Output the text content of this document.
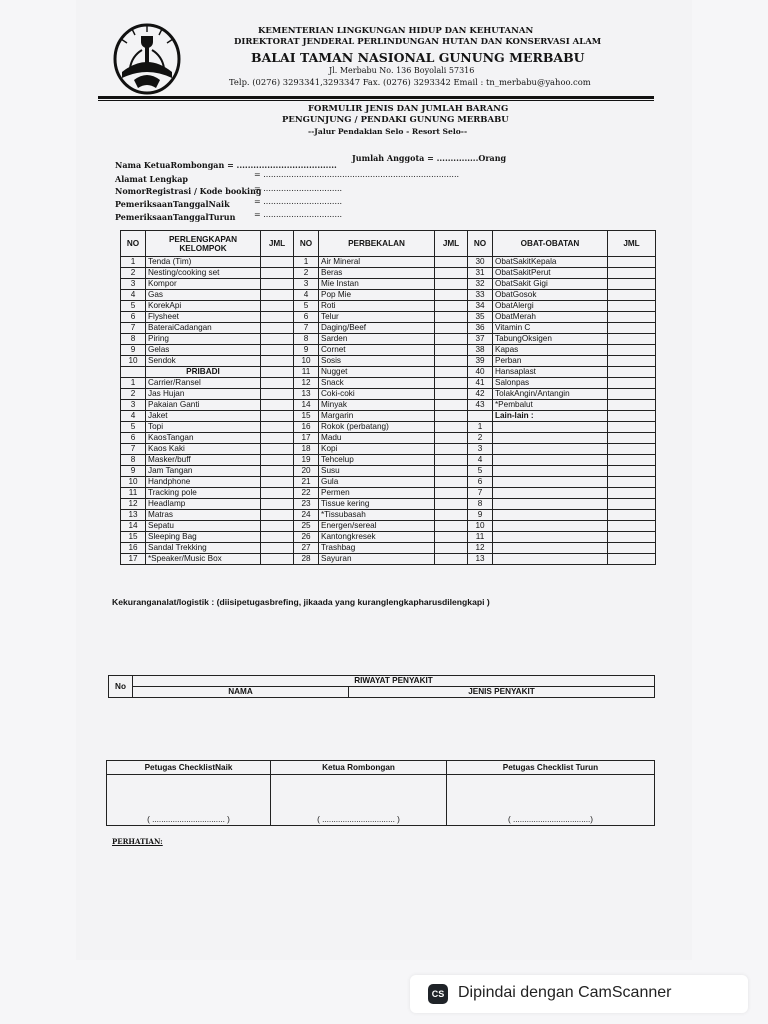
KEMENTERIAN LINGKUNGAN HIDUP DAN KEHUTANAN
DIREKTORAT JENDERAL PERLINDUNGAN HUTAN DAN KONSERVASI ALAM
BALAI TAMAN NASIONAL GUNUNG MERBABU
Jl. Merbabu No. 136 Boyolali 57316
Telp. (0276) 3293341,3293347 Fax. (0276) 3293342 Email : tn_merbabu@yahoo.com
FORMULIR JENIS DAN JUMLAH BARANG
PENGUNJUNG / PENDAKI GUNUNG MERBABU
--Jalur Pendakian Selo - Resort Selo--
Nama KetuaRombongan = ....................................
Jumlah Anggota = ...............Orang
Alamat Lengkap	= .............................................................................
NomorRegistrasi / Kode booking
= ...............................
PemeriksaanTanggalNaik	= ...............................
PemeriksaanTanggalTurun = ...............................
NO	PERLENGKAPAN KELOMPOK	JML	NO	PERBEKALAN	JML	NO	OBAT-OBATAN	JML
1	Tenda (Tim)		1	Air Mineral		30	ObatSakitKepala	
2	Nesting/cooking set		2	Beras		31	ObatSakitPerut	
3	Kompor		3	Mie Instan		32	ObatSakit Gigi	
4	Gas		4	Pop Mie		33	ObatGosok	
5	KorekApi		5	Roti		34	ObatAlergi	
6	Flysheet		6	Telur		35	ObatMerah	
7	BateraiCadangan		7	Daging/Beef		36	Vitamin C	
8	Piring		8	Sarden		37	TabungOksigen	
9	Gelas		9	Cornet		38	Kapas	
10	Sendok		10	Sosis		39	Perban	
	PRIBADI		11	Nugget		40	Hansaplast	
1	Carrier/Ransel		12	Snack		41	Salonpas	
2	Jas Hujan		13	Coki-coki		42	TolakAngin/Antangin	
3	Pakaian Ganti		14	Minyak		43	*Pembalut	
4	Jaket		15	Margarin			Lain-lain :	
5	Topi		16	Rokok (perbatang)		1		
6	KaosTangan		17	Madu		2		
7	Kaos Kaki		18	Kopi		3		
8	Masker/buff		19	Tehcelup		4		
9	Jam Tangan		20	Susu		5		
10	Handphone		21	Gula		6		
11	Tracking pole		22	Permen		7		
12	Headlamp		23	Tissue kering		8		
13	Matras		24	*Tissubasah		9		
14	Sepatu		25	Energen/sereal		10		
15	Sleeping Bag		26	Kantongkresek		11		
16	Sandal Trekking		27	Trashbag		12		
17	*Speaker/Music Box		28	Sayuran		13		
Kekuranganalat/logistik : (diisipetugasbrefing, jikaada yang kuranglengkapharusdilengkapi )
No	RIWAYAT PENYAKIT	
	NAMA	JENIS PENYAKIT
Petugas ChecklistNaik	Ketua Rombongan	Petugas Checklist Turun
( ................................ )	( ................................ )	( ..................................)
PERHATIAN:
CS Dipindai dengan CamScanner
